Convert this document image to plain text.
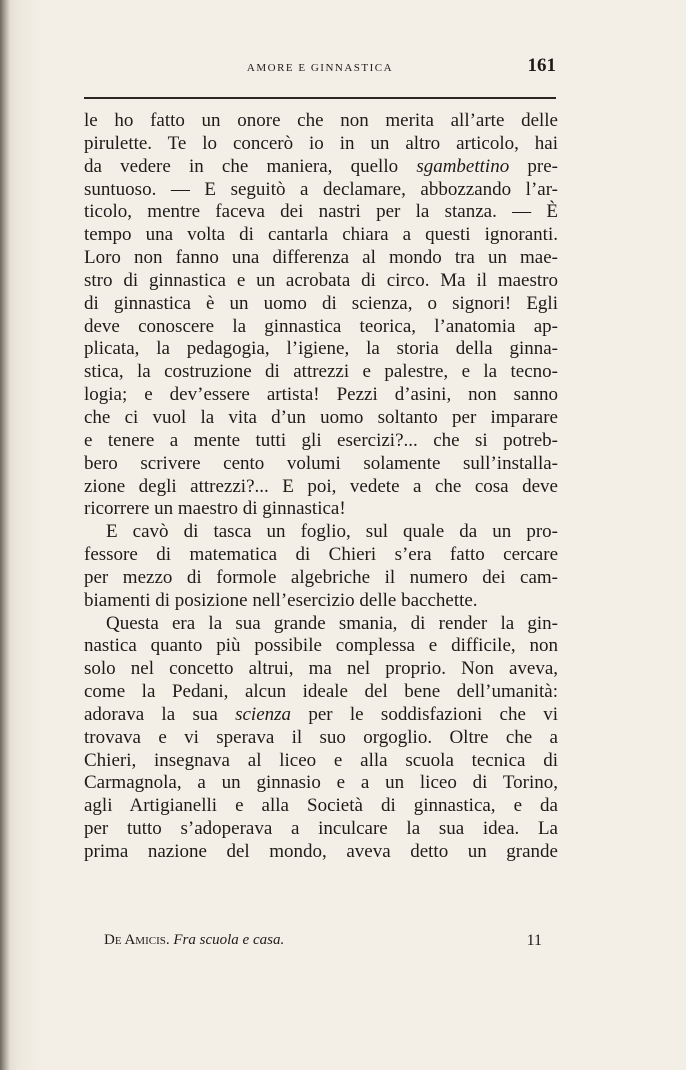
AMORE E GINNASTICA	161
le ho fatto un onore che non merita all’arte delle
pirulette. Te lo concerò io in un altro articolo, hai
da vedere in che maniera, quello sgambettino pre-
suntuoso. — E seguitò a declamare, abbozzando l’ar-
ticolo, mentre faceva dei nastri per la stanza. — È
tempo una volta di cantarla chiara a questi ignoranti.
Loro non fanno una differenza al mondo tra un mae-
stro di ginnastica e un acrobata di circo. Ma il maestro
di ginnastica è un uomo di scienza, o signori! Egli
deve conoscere la ginnastica teorica, l’anatomia ap-
plicata, la pedagogia, l’igiene, la storia della ginna-
stica, la costruzione di attrezzi e palestre, e la tecno-
logia; e dev’essere artista! Pezzi d’asini, non sanno
che ci vuol la vita d’un uomo soltanto per imparare
e tenere a mente tutti gli esercizi?... che si potreb-
bero scrivere cento volumi solamente sull’installa-
zione degli attrezzi?... E poi, vedete a che cosa deve
ricorrere un maestro di ginnastica!
E cavò di tasca un foglio, sul quale da un pro-
fessore di matematica di Chieri s’era fatto cercare
per mezzo di formole algebriche il numero dei cam-
biamenti di posizione nell’esercizio delle bacchette.
Questa era la sua grande smania, di render la gin-
nastica quanto più possibile complessa e difficile, non
solo nel concetto altrui, ma nel proprio. Non aveva,
come la Pedani, alcun ideale del bene dell’umanità:
adorava la sua scienza per le soddisfazioni che vi
trovava e vi sperava il suo orgoglio. Oltre che a
Chieri, insegnava al liceo e alla scuola tecnica di
Carmagnola, a un ginnasio e a un liceo di Torino,
agli Artigianelli e alla Società di ginnastica, e da
per tutto s’adoperava a inculcare la sua idea. La
prima nazione del mondo, aveva detto un grande
De Amicis. Fra scuola e casa.	11
